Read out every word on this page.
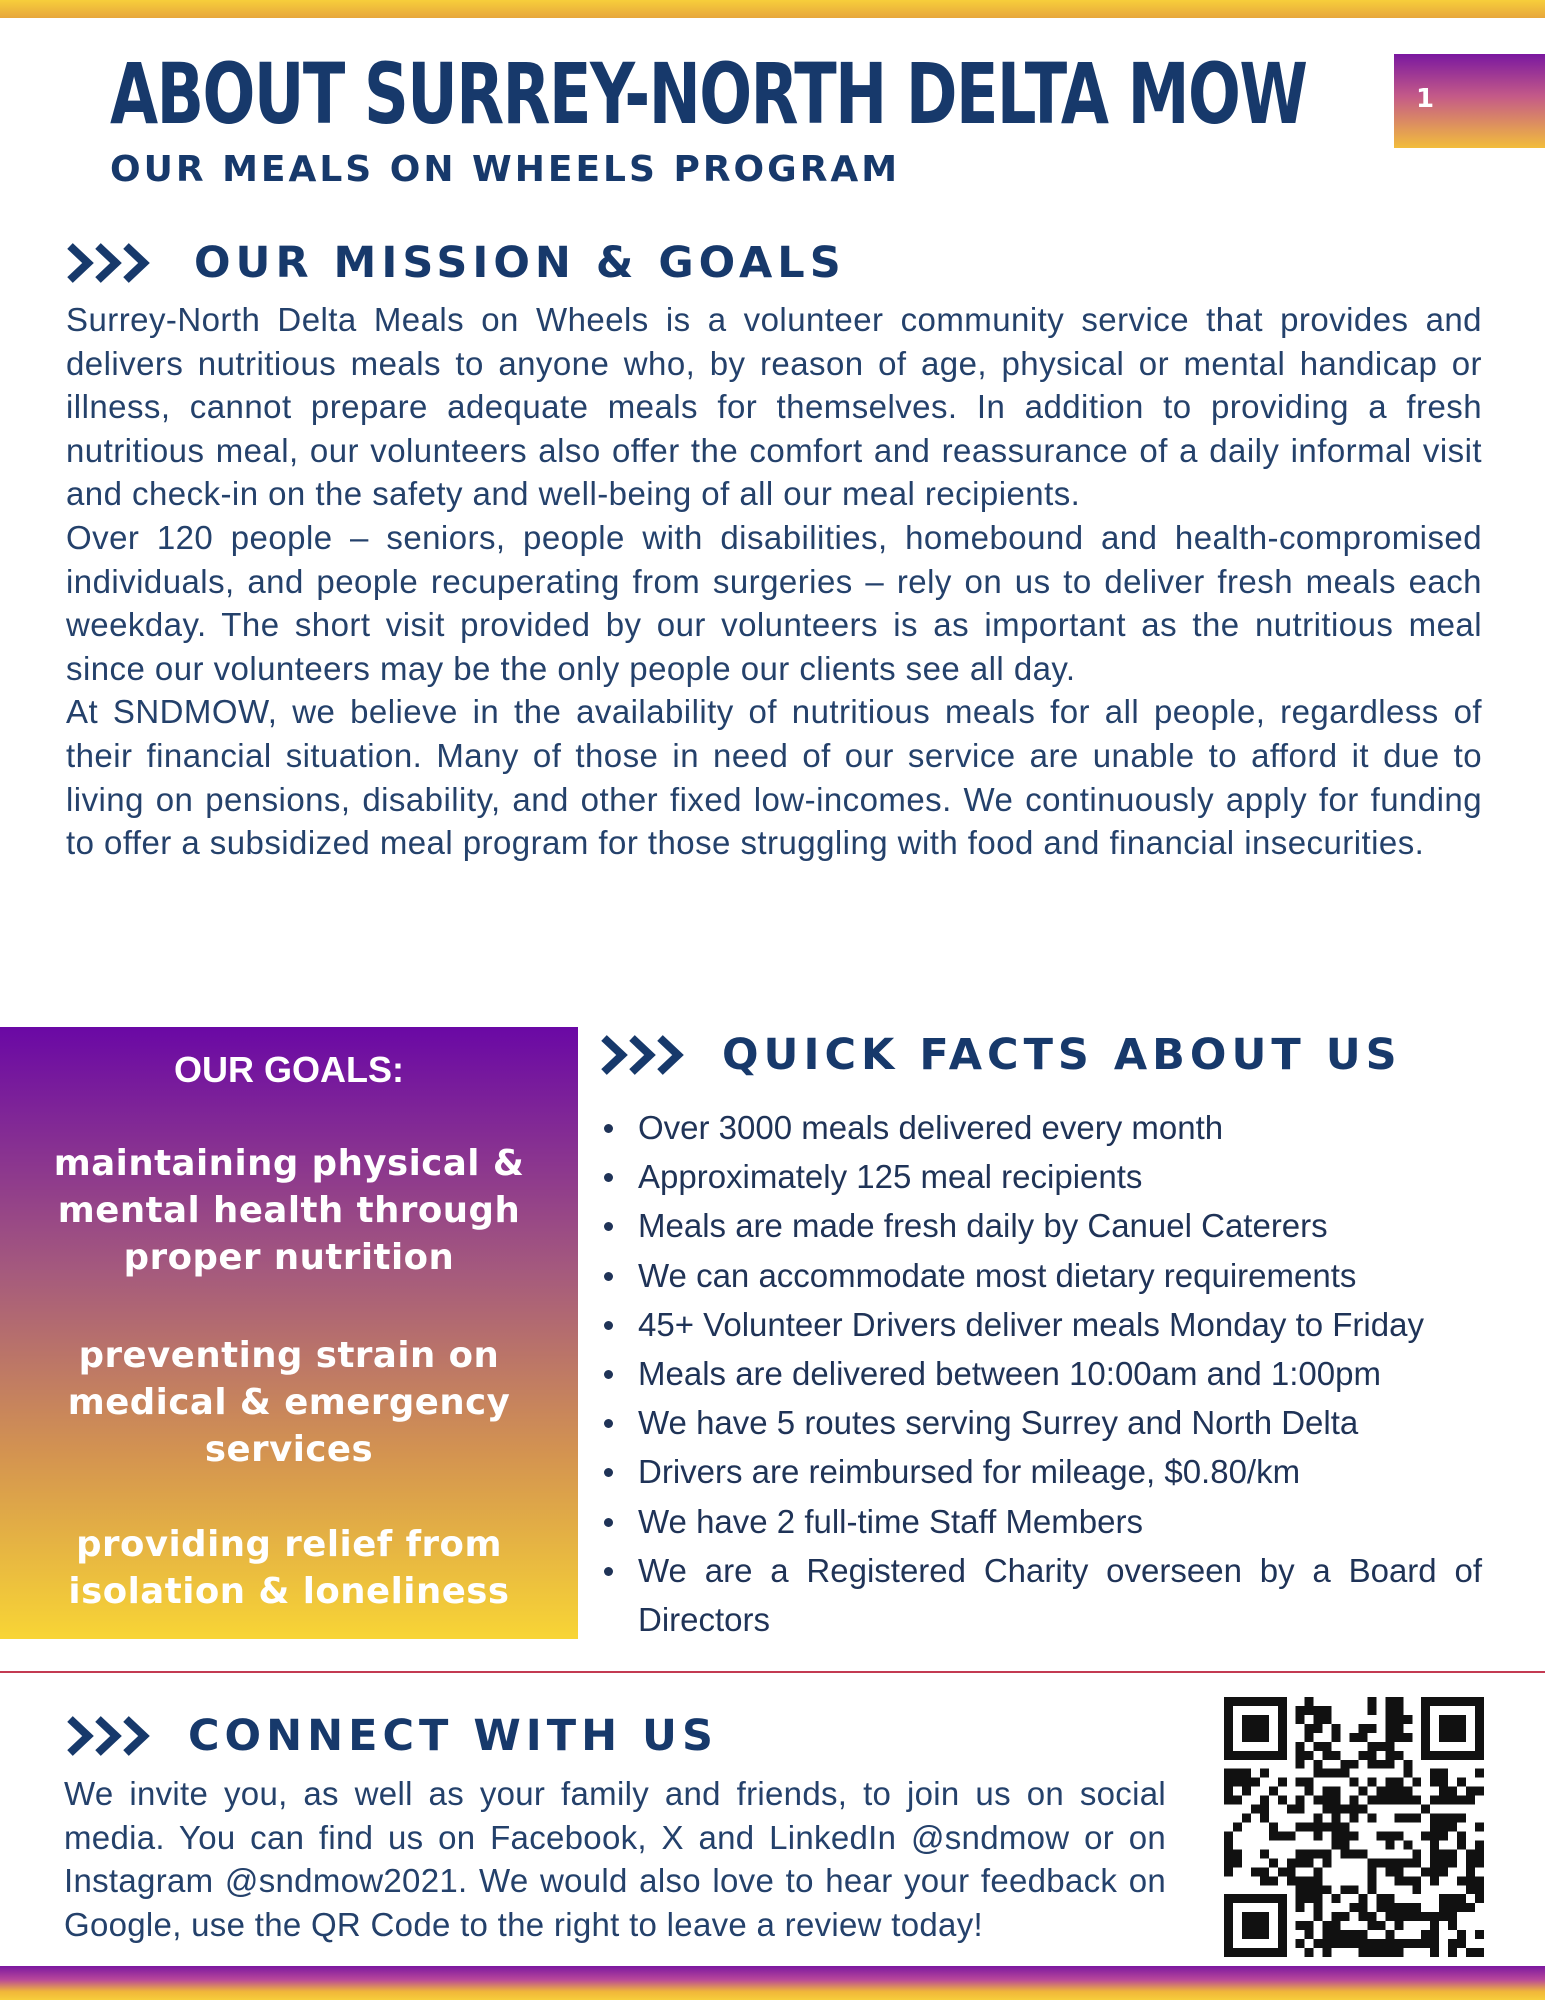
1
ABOUT SURREY-NORTH DELTA MOW
OUR MEALS ON WHEELS PROGRAM
OUR MISSION & GOALS

Surrey-North Delta Meals on Wheels is a volunteer community service that provides and delivers nutritious meals to anyone who, by reason of age, physical or mental handicap or illness, cannot prepare adequate meals for themselves. In addition to providing a fresh nutritious meal, our volunteers also offer the comfort and reassurance of a daily informal visit and check-in on the safety and well-being of all our meal recipients.

Over 120 people – seniors, people with disabilities, homebound and health-compromised individuals, and people recuperating from surgeries – rely on us to deliver fresh meals each weekday. The short visit provided by our volunteers is as important as the nutritious meal since our volunteers may be the only people our clients see all day.

At SNDMOW, we believe in the availability of nutritious meals for all people, regardless of their financial situation. Many of those in need of our service are unable to afford it due to living on pensions, disability, and other fixed low-incomes. We continuously apply for funding to offer a subsidized meal program for those struggling with food and financial insecurities.

OUR GOALS:
maintaining physical & mental health through proper nutrition
preventing strain on medical & emergency services
providing relief from isolation & loneliness
QUICK FACTS ABOUT US
Over 3000 meals delivered every month
Approximately 125 meal recipients
Meals are made fresh daily by Canuel Caterers
We can accommodate most dietary requirements
45+ Volunteer Drivers deliver meals Monday to Friday
Meals are delivered between 10:00am and 1:00pm
We have 5 routes serving Surrey and North Delta
Drivers are reimbursed for mileage, $0.80/km
We have 2 full-time Staff Members
We are a Registered Charity overseen by a Board of Directors
CONNECT WITH US

We invite you, as well as your family and friends, to join us on social media. You can find us on Facebook, X and LinkedIn @sndmow or on Instagram @sndmow2021. We would also love to hear your feedback on Google, use the QR Code to the right to leave a review today!
